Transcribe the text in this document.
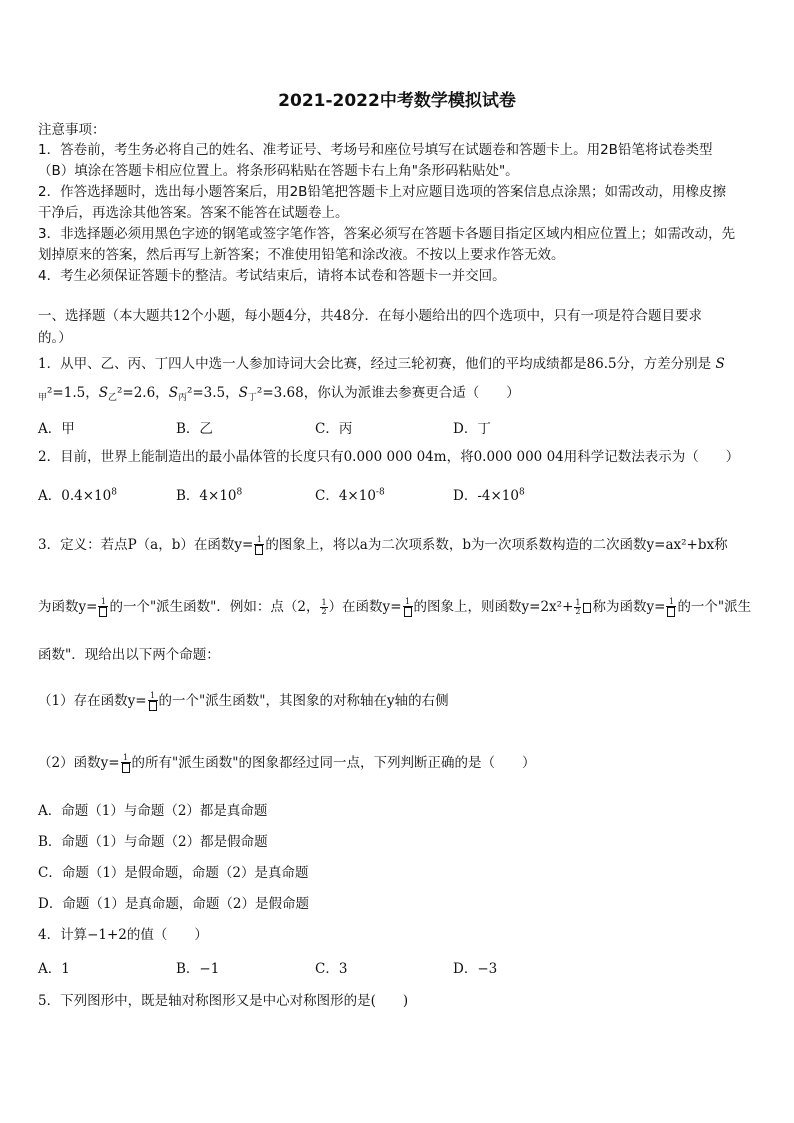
2021-2022中考数学模拟试卷
注意事项：
1．答卷前，考生务必将自己的姓名、准考证号、考场号和座位号填写在试题卷和答题卡上。用2B铅笔将试卷类型
（B）填涂在答题卡相应位置上。将条形码粘贴在答题卡右上角"条形码粘贴处"。
2．作答选择题时，选出每小题答案后，用2B铅笔把答题卡上对应题目选项的答案信息点涂黑；如需改动，用橡皮擦
干净后，再选涂其他答案。答案不能答在试题卷上。
3．非选择题必须用黑色字迹的钢笔或签字笔作答，答案必须写在答题卡各题目指定区域内相应位置上；如需改动，先
划掉原来的答案，然后再写上新答案；不准使用铅笔和涂改液。不按以上要求作答无效。
4．考生必须保证答题卡的整洁。考试结束后，请将本试卷和答题卡一并交回。
一、选择题（本大题共12个小题，每小题4分，共48分．在每小题给出的四个选项中，只有一项是符合题目要求
的。）
1．从甲、乙、丙、丁四人中选一人参加诗词大会比赛，经过三轮初赛，他们的平均成绩都是86.5分，方差分别是 S
$_甲$²=1.5，$S_乙^2=2.6$，$S_丙^2=3.5$，$S_丁^2=3.68$，你认为派谁去参赛更合适（　　）
A．甲	B．乙	C．丙	D．丁
2．目前，世界上能制造出的最小晶体管的长度只有0.000 000 04m，将0.000 000 04用科学记数法表示为（　　）
A．$0.4\times 10^8$	B．$4\times 10^8$	C．$4\times 10^{-8}$	D．$-4\times 10^8$
3．定义：若点P（a，b）在函数y= 1 的图象上，将以a为二次项系数，b为一次项系数构造的二次函数y=ax²+bx称
为函数y= 1 的一个"派生函数"．例如：点（2， $\frac{1}{2}$ ）在函数y= 1 的图象上，则函数$y=2x^2+ \frac{1}{2}$ 称为函数y= 1 的一个"派生
函数"．现给出以下两个命题：
（1）存在函数y= 1 的一个"派生函数"，其图象的对称轴在y轴的右侧
（2）函数y= 1 的所有"派生函数"的图象都经过同一点，下列判断正确的是（　　）
A．命题（1）与命题（2）都是真命题
B．命题（1）与命题（2）都是假命题
C．命题（1）是假命题，命题（2）是真命题
D．命题（1）是真命题，命题（2）是假命题
4．计算−1+2的值（　　）
A．1	B．−1	C．3	D．−3
5．下列图形中，既是轴对称图形又是中心对称图形的是(　　)
